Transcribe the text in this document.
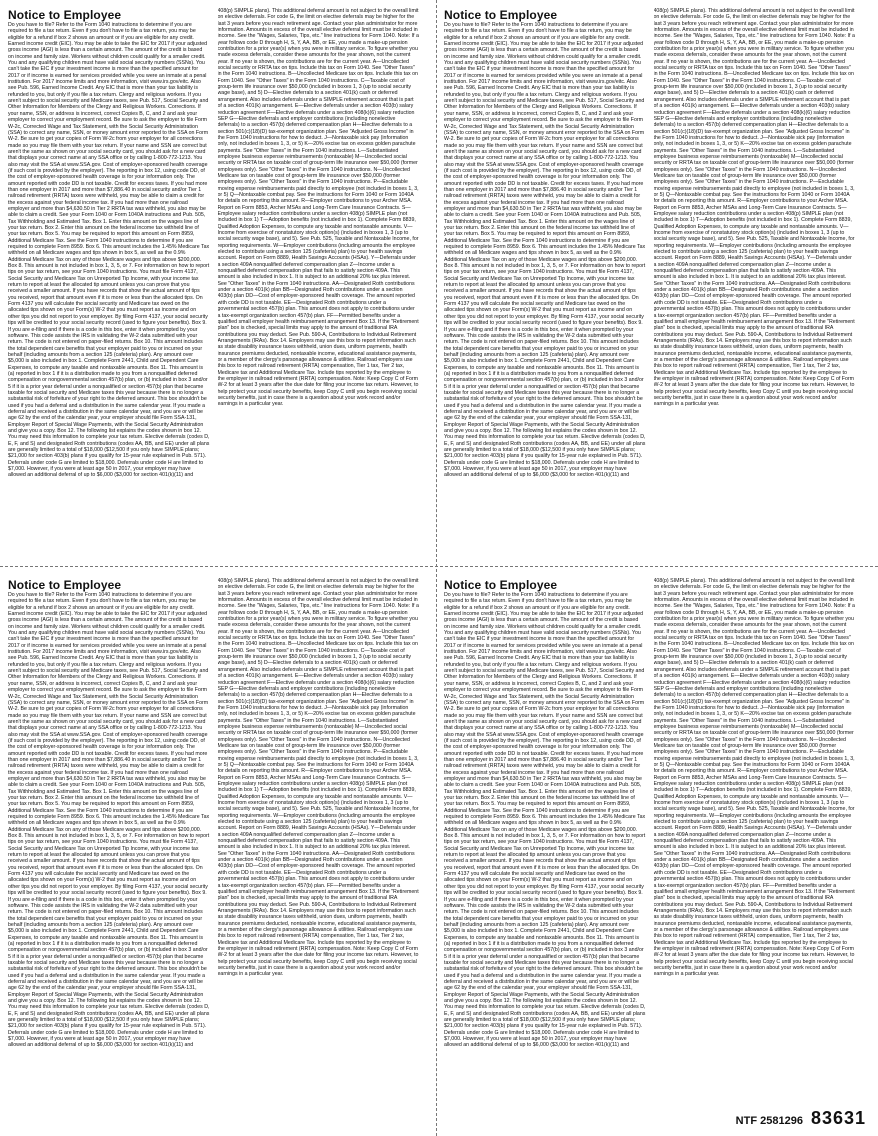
Notice to Employee

Do you have to file? Refer to the Form 1040 instructions to determine if you are required to file a tax return. Even if you don't have to file a tax return, you may be eligible for a refund if box 2 shows an amount or if you are eligible for any credit. Earned income credit (EIC). You may be able to take the EIC for 2017 if your adjusted gross income (AGI) is less than a certain amount. The amount of the credit is based on income and family size. Workers without children could qualify for a smaller credit. You and any qualifying children must have valid social security numbers (SSNs). You can't take the EIC if your investment income is more than the specified amount for 2017 or if income is earned for services provided while you were an inmate at a penal institution. For 2017 income limits and more information, visit www.irs.gov/eitc. Also see Pub. 596, Earned Income Credit. Any EIC that is more than your tax liability is refunded to you, but only if you file a tax return. Clergy and religious workers. If you aren't subject to social security and Medicare taxes, see Pub. 517, Social Security and Other Information for Members of the Clergy and Religious Workers. Corrections. If your name, SSN, or address is incorrect, correct Copies B, C, and 2 and ask your employer to correct your employment record. Be sure to ask the employer to file Form W-2c, Corrected Wage and Tax Statement, with the Social Security Administration (SSA) to correct any name, SSN, or money amount error reported to the SSA on Form W-2. Be sure to get your copies of Form W-2c from your employer for all corrections made so you may file them with your tax return. If your name and SSN are correct but aren't the same as shown on your social security card, you should ask for a new card that displays your correct name at any SSA office or by calling 1-800-772-1213. You also may visit the SSA at www.SSA.gov. Cost of employer-sponsored health coverage (if such cost is provided by the employer). The reporting in box 12, using code DD, of the cost of employer-sponsored health coverage is for your information only. The amount reported with code DD is not taxable. Credit for excess taxes. If you had more than one employer in 2017 and more than $7,886.40 in social security and/or Tier 1 railroad retirement (RRTA) taxes were withheld, you may be able to claim a credit for the excess against your federal income tax. If you had more than one railroad employer and more than $4,630.50 in Tier 2 RRTA tax was withheld, you also may be able to claim a credit. See your Form 1040 or Form 1040A instructions and Pub. 505, Tax Withholding and Estimated Tax. Box 1. Enter this amount on the wages line of your tax return. Box 2. Enter this amount on the federal income tax withheld line of your tax return. Box 5. You may be required to report this amount on Form 8959, Additional Medicare Tax. See the Form 1040 instructions to determine if you are required to complete Form 8959. Box 6. This amount includes the 1.45% Medicare Tax withheld on all Medicare wages and tips shown in box 5, as well as the 0.9% Additional Medicare Tax on any of those Medicare wages and tips above $200,000. Box 8. This amount is not included in box 1, 3, 5, or 7. For information on how to report tips on your tax return, see your Form 1040 instructions. You must file Form 4137, Social Security and Medicare Tax on Unreported Tip Income, with your income tax return to report at least the allocated tip amount unless you can prove that you received a smaller amount. If you have records that show the actual amount of tips you received, report that amount even if it is more or less than the allocated tips. On Form 4137 you will calculate the social security and Medicare tax owed on the allocated tips shown on your Form(s) W-2 that you must report as income and on other tips you did not report to your employer. By filing Form 4137, your social security tips will be credited to your social security record (used to figure your benefits). Box 9. If you are e-filing and if there is a code in this box, enter it when prompted by your software. This code assists the IRS in validating the W-2 data submitted with your return. The code is not entered on paper-filed returns. Box 10. This amount includes the total dependent care benefits that your employer paid to you or incurred on your behalf (including amounts from a section 125 (cafeteria) plan). Any amount over $5,000 is also included in box 1. Complete Form 2441, Child and Dependent Care Expenses, to compute any taxable and nontaxable amounts. Box 11. This amount is (a) reported in box 1 if it is a distribution made to you from a nonqualified deferred compensation or nongovernmental section 457(b) plan, or (b) included in box 3 and/or 5 if it is a prior year deferral under a nonqualified or section 457(b) plan that became taxable for social security and Medicare taxes this year because there is no longer a substantial risk of forfeiture of your right to the deferred amount. This box shouldn't be used if you had a deferral and a distribution in the same calendar year. If you made a deferral and received a distribution in the same calendar year, and you are or will be age 62 by the end of the calendar year, your employer should file Form SSA-131, Employer Report of Special Wage Payments, with the Social Security Administration and give you a copy. Box 12. The following list explains the codes shown in box 12. You may need this information to complete your tax return. Elective deferrals (codes D, E, F, and S) and designated Roth contributions (codes AA, BB, and EE) under all plans are generally limited to a total of $18,000 ($12,500 if you only have SIMPLE plans; $21,000 for section 403(b) plans if you qualify for 15-year rule explained in Pub. 571). Deferrals under code G are limited to $18,000. Deferrals under code H are limited to $7,000. However, if you were at least age 50 in 2017, your employer may have allowed an additional deferral of up to $6,000 ($3,000 for section 401(k)(11) and

408(p) SIMPLE plans). This additional deferral amount is not subject to the overall limit on elective deferrals. For code G, the limit on elective deferrals may be higher for the last 3 years before you reach retirement age. Contact your plan administrator for more information. Amounts in excess of the overall elective deferral limit must be included in income. See the "Wages, Salaries, Tips, etc." line instructions for Form 1040. Note: If a year follows code D through H, S, Y, AA, BB, or EE, you made a make-up pension contribution for a prior year(s) when you were in military service. To figure whether you made excess deferrals, consider these amounts for the year shown, not the current year. If no year is shown, the contributions are for the current year. A—Uncollected social security or RRTA tax on tips. Include this tax on Form 1040. See "Other Taxes" in the Form 1040 instructions. B—Uncollected Medicare tax on tips. Include this tax on Form 1040. See "Other Taxes" in the Form 1040 instructions. C—Taxable cost of group-term life insurance over $50,000 (included in boxes 1, 3 (up to social security wage base), and 5) D—Elective deferrals to a section 401(k) cash or deferred arrangement. Also includes deferrals under a SIMPLE retirement account that is part of a section 401(k) arrangement. E—Elective deferrals under a section 403(b) salary reduction agreement F—Elective deferrals under a section 408(k)(6) salary reduction SEP G—Elective deferrals and employer contributions (including nonelective deferrals) to a section 457(b) deferred compensation plan H—Elective deferrals to a section 501(c)(18)(D) tax-exempt organization plan. See "Adjusted Gross Income" in the Form 1040 instructions for how to deduct. J—Nontaxable sick pay (information only, not included in boxes 1, 3, or 5) K—20% excise tax on excess golden parachute payments. See "Other Taxes" in the Form 1040 instructions. L—Substantiated employee business expense reimbursements (nontaxable) M—Uncollected social security or RRTA tax on taxable cost of group-term life insurance over $50,000 (former employees only). See "Other Taxes" in the Form 1040 instructions. N—Uncollected Medicare tax on taxable cost of group-term life insurance over $50,000 (former employees only). See "Other Taxes" in the Form 1040 instructions. P—Excludable moving expense reimbursements paid directly to employee (not included in boxes 1, 3, or 5) Q—Nontaxable combat pay. See the instructions for Form 1040 or Form 1040A for details on reporting this amount. R—Employer contributions to your Archer MSA. Report on Form 8853, Archer MSAs and Long-Term Care Insurance Contracts. S—Employee salary reduction contributions under a section 408(p) SIMPLE plan (not included in box 1) T—Adoption benefits (not included in box 1). Complete Form 8839, Qualified Adoption Expenses, to compute any taxable and nontaxable amounts. V—Income from exercise of nonstatutory stock option(s) (included in boxes 1, 3 (up to social security wage base), and 5). See Pub. 525, Taxable and Nontaxable Income, for reporting requirements. W—Employer contributions (including amounts the employee elected to contribute using a section 125 (cafeteria) plan) to your health savings account. Report on Form 8889, Health Savings Accounts (HSAs). Y—Deferrals under a section 409A nonqualified deferred compensation plan Z—Income under a nonqualified deferred compensation plan that fails to satisfy section 409A. This amount is also included in box 1. It is subject to an additional 20% tax plus interest. See "Other Taxes" in the Form 1040 instructions. AA—Designated Roth contributions under a section 401(k) plan BB—Designated Roth contributions under a section 403(b) plan DD—Cost of employer-sponsored health coverage. The amount reported with code DD is not taxable. EE—Designated Roth contributions under a governmental section 457(b) plan. This amount does not apply to contributions under a tax-exempt organization section 457(b) plan. FF—Permitted benefits under a qualified small employer health reimbursement arrangement Box 13. If the "Retirement plan" box is checked, special limits may apply to the amount of traditional IRA contributions you may deduct. See Pub. 590-A, Contributions to Individual Retirement Arrangements (IRAs). Box 14. Employers may use this box to report information such as state disability insurance taxes withheld, union dues, uniform payments, health insurance premiums deducted, nontaxable income, educational assistance payments, or a member of the clergy's parsonage allowance & utilities. Railroad employers use this box to report railroad retirement (RRTA) compensation, Tier 1 tax, Tier 2 tax, Medicare tax and Additional Medicare Tax. Include tips reported by the employee to the employer in railroad retirement (RRTA) compensation. Note: Keep Copy C of Form W-2 for at least 3 years after the due date for filing your income tax return. However, to help protect your social security benefits, keep Copy C until you begin receiving social security benefits, just in case there is a question about your work record and/or earnings in a particular year.

Notice to Employee

Do you have to file? Refer to the Form 1040 instructions to determine if you are required to file a tax return. Even if you don't have to file a tax return, you may be eligible for a refund if box 2 shows an amount or if you are eligible for any credit. Earned income credit (EIC). You may be able to take the EIC for 2017 if your adjusted gross income (AGI) is less than a certain amount. The amount of the credit is based on income and family size. Workers without children could qualify for a smaller credit. You and any qualifying children must have valid social security numbers (SSNs). You can't take the EIC if your investment income is more than the specified amount for 2017 or if income is earned for services provided while you were an inmate at a penal institution. For 2017 income limits and more information, visit www.irs.gov/eitc. Also see Pub. 596, Earned Income Credit. Any EIC that is more than your tax liability is refunded to you, but only if you file a tax return. Clergy and religious workers. If you aren't subject to social security and Medicare taxes, see Pub. 517, Social Security and Other Information for Members of the Clergy and Religious Workers. Corrections. If your name, SSN, or address is incorrect, correct Copies B, C, and 2 and ask your employer to correct your employment record. Be sure to ask the employer to file Form W-2c, Corrected Wage and Tax Statement, with the Social Security Administration (SSA) to correct any name, SSN, or money amount error reported to the SSA on Form W-2. Be sure to get your copies of Form W-2c from your employer for all corrections made so you may file them with your tax return. If your name and SSN are correct but aren't the same as shown on your social security card, you should ask for a new card that displays your correct name at any SSA office or by calling 1-800-772-1213. You also may visit the SSA at www.SSA.gov. Cost of employer-sponsored health coverage (if such cost is provided by the employer). The reporting in box 12, using code DD, of the cost of employer-sponsored health coverage is for your information only. The amount reported with code DD is not taxable. Credit for excess taxes. If you had more than one employer in 2017 and more than $7,886.40 in social security and/or Tier 1 railroad retirement (RRTA) taxes were withheld, you may be able to claim a credit for the excess against your federal income tax. If you had more than one railroad employer and more than $4,630.50 in Tier 2 RRTA tax was withheld, you also may be able to claim a credit. See your Form 1040 or Form 1040A instructions and Pub. 505, Tax Withholding and Estimated Tax. Box 1. Enter this amount on the wages line of your tax return. Box 2. Enter this amount on the federal income tax withheld line of your tax return. Box 5. You may be required to report this amount on Form 8959, Additional Medicare Tax. See the Form 1040 instructions to determine if you are required to complete Form 8959. Box 6. This amount includes the 1.45% Medicare Tax withheld on all Medicare wages and tips shown in box 5, as well as the 0.9% Additional Medicare Tax on any of those Medicare wages and tips above $200,000. Box 8. This amount is not included in box 1, 3, 5, or 7. For information on how to report tips on your tax return, see your Form 1040 instructions. You must file Form 4137, Social Security and Medicare Tax on Unreported Tip Income, with your income tax return to report at least the allocated tip amount unless you can prove that you received a smaller amount. If you have records that show the actual amount of tips you received, report that amount even if it is more or less than the allocated tips. On Form 4137 you will calculate the social security and Medicare tax owed on the allocated tips shown on your Form(s) W-2 that you must report as income and on other tips you did not report to your employer. By filing Form 4137, your social security tips will be credited to your social security record (used to figure your benefits). Box 9. If you are e-filing and if there is a code in this box, enter it when prompted by your software. This code assists the IRS in validating the W-2 data submitted with your return. The code is not entered on paper-filed returns. Box 10. This amount includes the total dependent care benefits that your employer paid to you or incurred on your behalf (including amounts from a section 125 (cafeteria) plan). Any amount over $5,000 is also included in box 1. Complete Form 2441, Child and Dependent Care Expenses, to compute any taxable and nontaxable amounts. Box 11. This amount is (a) reported in box 1 if it is a distribution made to you from a nonqualified deferred compensation or nongovernmental section 457(b) plan, or (b) included in box 3 and/or 5 if it is a prior year deferral under a nonqualified or section 457(b) plan that became taxable for social security and Medicare taxes this year because there is no longer a substantial risk of forfeiture of your right to the deferred amount. This box shouldn't be used if you had a deferral and a distribution in the same calendar year. If you made a deferral and received a distribution in the same calendar year, and you are or will be age 62 by the end of the calendar year, your employer should file Form SSA-131, Employer Report of Special Wage Payments, with the Social Security Administration and give you a copy. Box 12. The following list explains the codes shown in box 12. You may need this information to complete your tax return. Elective deferrals (codes D, E, F, and S) and designated Roth contributions (codes AA, BB, and EE) under all plans are generally limited to a total of $18,000 ($12,500 if you only have SIMPLE plans; $21,000 for section 403(b) plans if you qualify for 15-year rule explained in Pub. 571). Deferrals under code G are limited to $18,000. Deferrals under code H are limited to $7,000. However, if you were at least age 50 in 2017, your employer may have allowed an additional deferral of up to $6,000 ($3,000 for section 401(k)(11) and

408(p) SIMPLE plans). This additional deferral amount is not subject to the overall limit on elective deferrals. For code G, the limit on elective deferrals may be higher for the last 3 years before you reach retirement age. Contact your plan administrator for more information. Amounts in excess of the overall elective deferral limit must be included in income. See the "Wages, Salaries, Tips, etc." line instructions for Form 1040. Note: If a year follows code D through H, S, Y, AA, BB, or EE, you made a make-up pension contribution for a prior year(s) when you were in military service. To figure whether you made excess deferrals, consider these amounts for the year shown, not the current year. If no year is shown, the contributions are for the current year. A—Uncollected social security or RRTA tax on tips. Include this tax on Form 1040. See "Other Taxes" in the Form 1040 instructions. B—Uncollected Medicare tax on tips. Include this tax on Form 1040. See "Other Taxes" in the Form 1040 instructions. C—Taxable cost of group-term life insurance over $50,000 (included in boxes 1, 3 (up to social security wage base), and 5) D—Elective deferrals to a section 401(k) cash or deferred arrangement. Also includes deferrals under a SIMPLE retirement account that is part of a section 401(k) arrangement. E—Elective deferrals under a section 403(b) salary reduction agreement F—Elective deferrals under a section 408(k)(6) salary reduction SEP G—Elective deferrals and employer contributions (including nonelective deferrals) to a section 457(b) deferred compensation plan H—Elective deferrals to a section 501(c)(18)(D) tax-exempt organization plan. See "Adjusted Gross Income" in the Form 1040 instructions for how to deduct. J—Nontaxable sick pay (information only, not included in boxes 1, 3, or 5) K—20% excise tax on excess golden parachute payments. See "Other Taxes" in the Form 1040 instructions. L—Substantiated employee business expense reimbursements (nontaxable) M—Uncollected social security or RRTA tax on taxable cost of group-term life insurance over $50,000 (former employees only). See "Other Taxes" in the Form 1040 instructions. N—Uncollected Medicare tax on taxable cost of group-term life insurance over $50,000 (former employees only). See "Other Taxes" in the Form 1040 instructions. P—Excludable moving expense reimbursements paid directly to employee (not included in boxes 1, 3, or 5) Q—Nontaxable combat pay. See the instructions for Form 1040 or Form 1040A for details on reporting this amount. R—Employer contributions to your Archer MSA. Report on Form 8853, Archer MSAs and Long-Term Care Insurance Contracts. S—Employee salary reduction contributions under a section 408(p) SIMPLE plan (not included in box 1) T—Adoption benefits (not included in box 1). Complete Form 8839, Qualified Adoption Expenses, to compute any taxable and nontaxable amounts. V—Income from exercise of nonstatutory stock option(s) (included in boxes 1, 3 (up to social security wage base), and 5). See Pub. 525, Taxable and Nontaxable Income, for reporting requirements. W—Employer contributions (including amounts the employee elected to contribute using a section 125 (cafeteria) plan) to your health savings account. Report on Form 8889, Health Savings Accounts (HSAs). Y—Deferrals under a section 409A nonqualified deferred compensation plan Z—Income under a nonqualified deferred compensation plan that fails to satisfy section 409A. This amount is also included in box 1. It is subject to an additional 20% tax plus interest. See "Other Taxes" in the Form 1040 instructions. AA—Designated Roth contributions under a section 401(k) plan BB—Designated Roth contributions under a section 403(b) plan DD—Cost of employer-sponsored health coverage. The amount reported with code DD is not taxable. EE—Designated Roth contributions under a governmental section 457(b) plan. This amount does not apply to contributions under a tax-exempt organization section 457(b) plan. FF—Permitted benefits under a qualified small employer health reimbursement arrangement Box 13. If the "Retirement plan" box is checked, special limits may apply to the amount of traditional IRA contributions you may deduct. See Pub. 590-A, Contributions to Individual Retirement Arrangements (IRAs). Box 14. Employers may use this box to report information such as state disability insurance taxes withheld, union dues, uniform payments, health insurance premiums deducted, nontaxable income, educational assistance payments, or a member of the clergy's parsonage allowance & utilities. Railroad employers use this box to report railroad retirement (RRTA) compensation, Tier 1 tax, Tier 2 tax, Medicare tax and Additional Medicare Tax. Include tips reported by the employee to the employer in railroad retirement (RRTA) compensation. Note: Keep Copy C of Form W-2 for at least 3 years after the due date for filing your income tax return. However, to help protect your social security benefits, keep Copy C until you begin receiving social security benefits, just in case there is a question about your work record and/or earnings in a particular year.

Notice to Employee

Do you have to file? Refer to the Form 1040 instructions to determine if you are required to file a tax return. Even if you don't have to file a tax return, you may be eligible for a refund if box 2 shows an amount or if you are eligible for any credit. Earned income credit (EIC). You may be able to take the EIC for 2017 if your adjusted gross income (AGI) is less than a certain amount. The amount of the credit is based on income and family size. Workers without children could qualify for a smaller credit. You and any qualifying children must have valid social security numbers (SSNs). You can't take the EIC if your investment income is more than the specified amount for 2017 or if income is earned for services provided while you were an inmate at a penal institution. For 2017 income limits and more information, visit www.irs.gov/eitc. Also see Pub. 596, Earned Income Credit. Any EIC that is more than your tax liability is refunded to you, but only if you file a tax return. Clergy and religious workers. If you aren't subject to social security and Medicare taxes, see Pub. 517, Social Security and Other Information for Members of the Clergy and Religious Workers. Corrections. If your name, SSN, or address is incorrect, correct Copies B, C, and 2 and ask your employer to correct your employment record. Be sure to ask the employer to file Form W-2c, Corrected Wage and Tax Statement, with the Social Security Administration (SSA) to correct any name, SSN, or money amount error reported to the SSA on Form W-2. Be sure to get your copies of Form W-2c from your employer for all corrections made so you may file them with your tax return. If your name and SSN are correct but aren't the same as shown on your social security card, you should ask for a new card that displays your correct name at any SSA office or by calling 1-800-772-1213. You also may visit the SSA at www.SSA.gov. Cost of employer-sponsored health coverage (if such cost is provided by the employer). The reporting in box 12, using code DD, of the cost of employer-sponsored health coverage is for your information only. The amount reported with code DD is not taxable. Credit for excess taxes. If you had more than one employer in 2017 and more than $7,886.40 in social security and/or Tier 1 railroad retirement (RRTA) taxes were withheld, you may be able to claim a credit for the excess against your federal income tax. If you had more than one railroad employer and more than $4,630.50 in Tier 2 RRTA tax was withheld, you also may be able to claim a credit. See your Form 1040 or Form 1040A instructions and Pub. 505, Tax Withholding and Estimated Tax. Box 1. Enter this amount on the wages line of your tax return. Box 2. Enter this amount on the federal income tax withheld line of your tax return. Box 5. You may be required to report this amount on Form 8959, Additional Medicare Tax. See the Form 1040 instructions to determine if you are required to complete Form 8959. Box 6. This amount includes the 1.45% Medicare Tax withheld on all Medicare wages and tips shown in box 5, as well as the 0.9% Additional Medicare Tax on any of those Medicare wages and tips above $200,000. Box 8. This amount is not included in box 1, 3, 5, or 7. For information on how to report tips on your tax return, see your Form 1040 instructions. You must file Form 4137, Social Security and Medicare Tax on Unreported Tip Income, with your income tax return to report at least the allocated tip amount unless you can prove that you received a smaller amount. If you have records that show the actual amount of tips you received, report that amount even if it is more or less than the allocated tips. On Form 4137 you will calculate the social security and Medicare tax owed on the allocated tips shown on your Form(s) W-2 that you must report as income and on other tips you did not report to your employer. By filing Form 4137, your social security tips will be credited to your social security record (used to figure your benefits). Box 9. If you are e-filing and if there is a code in this box, enter it when prompted by your software. This code assists the IRS in validating the W-2 data submitted with your return. The code is not entered on paper-filed returns. Box 10. This amount includes the total dependent care benefits that your employer paid to you or incurred on your behalf (including amounts from a section 125 (cafeteria) plan). Any amount over $5,000 is also included in box 1. Complete Form 2441, Child and Dependent Care Expenses, to compute any taxable and nontaxable amounts. Box 11. This amount is (a) reported in box 1 if it is a distribution made to you from a nonqualified deferred compensation or nongovernmental section 457(b) plan, or (b) included in box 3 and/or 5 if it is a prior year deferral under a nonqualified or section 457(b) plan that became taxable for social security and Medicare taxes this year because there is no longer a substantial risk of forfeiture of your right to the deferred amount. This box shouldn't be used if you had a deferral and a distribution in the same calendar year. If you made a deferral and received a distribution in the same calendar year, and you are or will be age 62 by the end of the calendar year, your employer should file Form SSA-131, Employer Report of Special Wage Payments, with the Social Security Administration and give you a copy. Box 12. The following list explains the codes shown in box 12. You may need this information to complete your tax return. Elective deferrals (codes D, E, F, and S) and designated Roth contributions (codes AA, BB, and EE) under all plans are generally limited to a total of $18,000 ($12,500 if you only have SIMPLE plans; $21,000 for section 403(b) plans if you qualify for 15-year rule explained in Pub. 571). Deferrals under code G are limited to $18,000. Deferrals under code H are limited to $7,000. However, if you were at least age 50 in 2017, your employer may have allowed an additional deferral of up to $6,000 ($3,000 for section 401(k)(11) and

408(p) SIMPLE plans). This additional deferral amount is not subject to the overall limit on elective deferrals. For code G, the limit on elective deferrals may be higher for the last 3 years before you reach retirement age. Contact your plan administrator for more information. Amounts in excess of the overall elective deferral limit must be included in income. See the "Wages, Salaries, Tips, etc." line instructions for Form 1040. Note: If a year follows code D through H, S, Y, AA, BB, or EE, you made a make-up pension contribution for a prior year(s) when you were in military service. To figure whether you made excess deferrals, consider these amounts for the year shown, not the current year. If no year is shown, the contributions are for the current year. A—Uncollected social security or RRTA tax on tips. Include this tax on Form 1040. See "Other Taxes" in the Form 1040 instructions. B—Uncollected Medicare tax on tips. Include this tax on Form 1040. See "Other Taxes" in the Form 1040 instructions. C—Taxable cost of group-term life insurance over $50,000 (included in boxes 1, 3 (up to social security wage base), and 5) D—Elective deferrals to a section 401(k) cash or deferred arrangement. Also includes deferrals under a SIMPLE retirement account that is part of a section 401(k) arrangement. E—Elective deferrals under a section 403(b) salary reduction agreement F—Elective deferrals under a section 408(k)(6) salary reduction SEP G—Elective deferrals and employer contributions (including nonelective deferrals) to a section 457(b) deferred compensation plan H—Elective deferrals to a section 501(c)(18)(D) tax-exempt organization plan. See "Adjusted Gross Income" in the Form 1040 instructions for how to deduct. J—Nontaxable sick pay (information only, not included in boxes 1, 3, or 5) K—20% excise tax on excess golden parachute payments. See "Other Taxes" in the Form 1040 instructions. L—Substantiated employee business expense reimbursements (nontaxable) M—Uncollected social security or RRTA tax on taxable cost of group-term life insurance over $50,000 (former employees only). See "Other Taxes" in the Form 1040 instructions. N—Uncollected Medicare tax on taxable cost of group-term life insurance over $50,000 (former employees only). See "Other Taxes" in the Form 1040 instructions. P—Excludable moving expense reimbursements paid directly to employee (not included in boxes 1, 3, or 5) Q—Nontaxable combat pay. See the instructions for Form 1040 or Form 1040A for details on reporting this amount. R—Employer contributions to your Archer MSA. Report on Form 8853, Archer MSAs and Long-Term Care Insurance Contracts. S—Employee salary reduction contributions under a section 408(p) SIMPLE plan (not included in box 1) T—Adoption benefits (not included in box 1). Complete Form 8839, Qualified Adoption Expenses, to compute any taxable and nontaxable amounts. V—Income from exercise of nonstatutory stock option(s) (included in boxes 1, 3 (up to social security wage base), and 5). See Pub. 525, Taxable and Nontaxable Income, for reporting requirements. W—Employer contributions (including amounts the employee elected to contribute using a section 125 (cafeteria) plan) to your health savings account. Report on Form 8889, Health Savings Accounts (HSAs). Y—Deferrals under a section 409A nonqualified deferred compensation plan Z—Income under a nonqualified deferred compensation plan that fails to satisfy section 409A. This amount is also included in box 1. It is subject to an additional 20% tax plus interest. See "Other Taxes" in the Form 1040 instructions. AA—Designated Roth contributions under a section 401(k) plan BB—Designated Roth contributions under a section 403(b) plan DD—Cost of employer-sponsored health coverage. The amount reported with code DD is not taxable. EE—Designated Roth contributions under a governmental section 457(b) plan. This amount does not apply to contributions under a tax-exempt organization section 457(b) plan. FF—Permitted benefits under a qualified small employer health reimbursement arrangement Box 13. If the "Retirement plan" box is checked, special limits may apply to the amount of traditional IRA contributions you may deduct. See Pub. 590-A, Contributions to Individual Retirement Arrangements (IRAs). Box 14. Employers may use this box to report information such as state disability insurance taxes withheld, union dues, uniform payments, health insurance premiums deducted, nontaxable income, educational assistance payments, or a member of the clergy's parsonage allowance & utilities. Railroad employers use this box to report railroad retirement (RRTA) compensation, Tier 1 tax, Tier 2 tax, Medicare tax and Additional Medicare Tax. Include tips reported by the employee to the employer in railroad retirement (RRTA) compensation. Note: Keep Copy C of Form W-2 for at least 3 years after the due date for filing your income tax return. However, to help protect your social security benefits, keep Copy C until you begin receiving social security benefits, just in case there is a question about your work record and/or earnings in a particular year.

Notice to Employee

Do you have to file? Refer to the Form 1040 instructions to determine if you are required to file a tax return. Even if you don't have to file a tax return, you may be eligible for a refund if box 2 shows an amount or if you are eligible for any credit. Earned income credit (EIC). You may be able to take the EIC for 2017 if your adjusted gross income (AGI) is less than a certain amount. The amount of the credit is based on income and family size. Workers without children could qualify for a smaller credit. You and any qualifying children must have valid social security numbers (SSNs). You can't take the EIC if your investment income is more than the specified amount for 2017 or if income is earned for services provided while you were an inmate at a penal institution. For 2017 income limits and more information, visit www.irs.gov/eitc. Also see Pub. 596, Earned Income Credit. Any EIC that is more than your tax liability is refunded to you, but only if you file a tax return. Clergy and religious workers. If you aren't subject to social security and Medicare taxes, see Pub. 517, Social Security and Other Information for Members of the Clergy and Religious Workers. Corrections. If your name, SSN, or address is incorrect, correct Copies B, C, and 2 and ask your employer to correct your employment record. Be sure to ask the employer to file Form W-2c, Corrected Wage and Tax Statement, with the Social Security Administration (SSA) to correct any name, SSN, or money amount error reported to the SSA on Form W-2. Be sure to get your copies of Form W-2c from your employer for all corrections made so you may file them with your tax return. If your name and SSN are correct but aren't the same as shown on your social security card, you should ask for a new card that displays your correct name at any SSA office or by calling 1-800-772-1213. You also may visit the SSA at www.SSA.gov. Cost of employer-sponsored health coverage (if such cost is provided by the employer). The reporting in box 12, using code DD, of the cost of employer-sponsored health coverage is for your information only. The amount reported with code DD is not taxable. Credit for excess taxes. If you had more than one employer in 2017 and more than $7,886.40 in social security and/or Tier 1 railroad retirement (RRTA) taxes were withheld, you may be able to claim a credit for the excess against your federal income tax. If you had more than one railroad employer and more than $4,630.50 in Tier 2 RRTA tax was withheld, you also may be able to claim a credit. See your Form 1040 or Form 1040A instructions and Pub. 505, Tax Withholding and Estimated Tax. Box 1. Enter this amount on the wages line of your tax return. Box 2. Enter this amount on the federal income tax withheld line of your tax return. Box 5. You may be required to report this amount on Form 8959, Additional Medicare Tax. See the Form 1040 instructions to determine if you are required to complete Form 8959. Box 6. This amount includes the 1.45% Medicare Tax withheld on all Medicare wages and tips shown in box 5, as well as the 0.9% Additional Medicare Tax on any of those Medicare wages and tips above $200,000. Box 8. This amount is not included in box 1, 3, 5, or 7. For information on how to report tips on your tax return, see your Form 1040 instructions. You must file Form 4137, Social Security and Medicare Tax on Unreported Tip Income, with your income tax return to report at least the allocated tip amount unless you can prove that you received a smaller amount. If you have records that show the actual amount of tips you received, report that amount even if it is more or less than the allocated tips. On Form 4137 you will calculate the social security and Medicare tax owed on the allocated tips shown on your Form(s) W-2 that you must report as income and on other tips you did not report to your employer. By filing Form 4137, your social security tips will be credited to your social security record (used to figure your benefits). Box 9. If you are e-filing and if there is a code in this box, enter it when prompted by your software. This code assists the IRS in validating the W-2 data submitted with your return. The code is not entered on paper-filed returns. Box 10. This amount includes the total dependent care benefits that your employer paid to you or incurred on your behalf (including amounts from a section 125 (cafeteria) plan). Any amount over $5,000 is also included in box 1. Complete Form 2441, Child and Dependent Care Expenses, to compute any taxable and nontaxable amounts. Box 11. This amount is (a) reported in box 1 if it is a distribution made to you from a nonqualified deferred compensation or nongovernmental section 457(b) plan, or (b) included in box 3 and/or 5 if it is a prior year deferral under a nonqualified or section 457(b) plan that became taxable for social security and Medicare taxes this year because there is no longer a substantial risk of forfeiture of your right to the deferred amount. This box shouldn't be used if you had a deferral and a distribution in the same calendar year. If you made a deferral and received a distribution in the same calendar year, and you are or will be age 62 by the end of the calendar year, your employer should file Form SSA-131, Employer Report of Special Wage Payments, with the Social Security Administration and give you a copy. Box 12. The following list explains the codes shown in box 12. You may need this information to complete your tax return. Elective deferrals (codes D, E, F, and S) and designated Roth contributions (codes AA, BB, and EE) under all plans are generally limited to a total of $18,000 ($12,500 if you only have SIMPLE plans; $21,000 for section 403(b) plans if you qualify for 15-year rule explained in Pub. 571). Deferrals under code G are limited to $18,000. Deferrals under code H are limited to $7,000. However, if you were at least age 50 in 2017, your employer may have allowed an additional deferral of up to $6,000 ($3,000 for section 401(k)(11) and

408(p) SIMPLE plans). This additional deferral amount is not subject to the overall limit on elective deferrals. For code G, the limit on elective deferrals may be higher for the last 3 years before you reach retirement age. Contact your plan administrator for more information. Amounts in excess of the overall elective deferral limit must be included in income. See the "Wages, Salaries, Tips, etc." line instructions for Form 1040. Note: If a year follows code D through H, S, Y, AA, BB, or EE, you made a make-up pension contribution for a prior year(s) when you were in military service. To figure whether you made excess deferrals, consider these amounts for the year shown, not the current year. If no year is shown, the contributions are for the current year. A—Uncollected social security or RRTA tax on tips. Include this tax on Form 1040. See "Other Taxes" in the Form 1040 instructions. B—Uncollected Medicare tax on tips. Include this tax on Form 1040. See "Other Taxes" in the Form 1040 instructions. C—Taxable cost of group-term life insurance over $50,000 (included in boxes 1, 3 (up to social security wage base), and 5) D—Elective deferrals to a section 401(k) cash or deferred arrangement. Also includes deferrals under a SIMPLE retirement account that is part of a section 401(k) arrangement. E—Elective deferrals under a section 403(b) salary reduction agreement F—Elective deferrals under a section 408(k)(6) salary reduction SEP G—Elective deferrals and employer contributions (including nonelective deferrals) to a section 457(b) deferred compensation plan H—Elective deferrals to a section 501(c)(18)(D) tax-exempt organization plan. See "Adjusted Gross Income" in the Form 1040 instructions for how to deduct. J—Nontaxable sick pay (information only, not included in boxes 1, 3, or 5) K—20% excise tax on excess golden parachute payments. See "Other Taxes" in the Form 1040 instructions. L—Substantiated employee business expense reimbursements (nontaxable) M—Uncollected social security or RRTA tax on taxable cost of group-term life insurance over $50,000 (former employees only). See "Other Taxes" in the Form 1040 instructions. N—Uncollected Medicare tax on taxable cost of group-term life insurance over $50,000 (former employees only). See "Other Taxes" in the Form 1040 instructions. P—Excludable moving expense reimbursements paid directly to employee (not included in boxes 1, 3, or 5) Q—Nontaxable combat pay. See the instructions for Form 1040 or Form 1040A for details on reporting this amount. R—Employer contributions to your Archer MSA. Report on Form 8853, Archer MSAs and Long-Term Care Insurance Contracts. S—Employee salary reduction contributions under a section 408(p) SIMPLE plan (not included in box 1) T—Adoption benefits (not included in box 1). Complete Form 8839, Qualified Adoption Expenses, to compute any taxable and nontaxable amounts. V—Income from exercise of nonstatutory stock option(s) (included in boxes 1, 3 (up to social security wage base), and 5). See Pub. 525, Taxable and Nontaxable Income, for reporting requirements. W—Employer contributions (including amounts the employee elected to contribute using a section 125 (cafeteria) plan) to your health savings account. Report on Form 8889, Health Savings Accounts (HSAs). Y—Deferrals under a section 409A nonqualified deferred compensation plan Z—Income under a nonqualified deferred compensation plan that fails to satisfy section 409A. This amount is also included in box 1. It is subject to an additional 20% tax plus interest. See "Other Taxes" in the Form 1040 instructions. AA—Designated Roth contributions under a section 401(k) plan BB—Designated Roth contributions under a section 403(b) plan DD—Cost of employer-sponsored health coverage. The amount reported with code DD is not taxable. EE—Designated Roth contributions under a governmental section 457(b) plan. This amount does not apply to contributions under a tax-exempt organization section 457(b) plan. FF—Permitted benefits under a qualified small employer health reimbursement arrangement Box 13. If the "Retirement plan" box is checked, special limits may apply to the amount of traditional IRA contributions you may deduct. See Pub. 590-A, Contributions to Individual Retirement Arrangements (IRAs). Box 14. Employers may use this box to report information such as state disability insurance taxes withheld, union dues, uniform payments, health insurance premiums deducted, nontaxable income, educational assistance payments, or a member of the clergy's parsonage allowance & utilities. Railroad employers use this box to report railroad retirement (RRTA) compensation, Tier 1 tax, Tier 2 tax, Medicare tax and Additional Medicare Tax. Include tips reported by the employee to the employer in railroad retirement (RRTA) compensation. Note: Keep Copy C of Form W-2 for at least 3 years after the due date for filing your income tax return. However, to help protect your social security benefits, keep Copy C until you begin receiving social security benefits, just in case there is a question about your work record and/or earnings in a particular year.

NTF 2581296 83631
